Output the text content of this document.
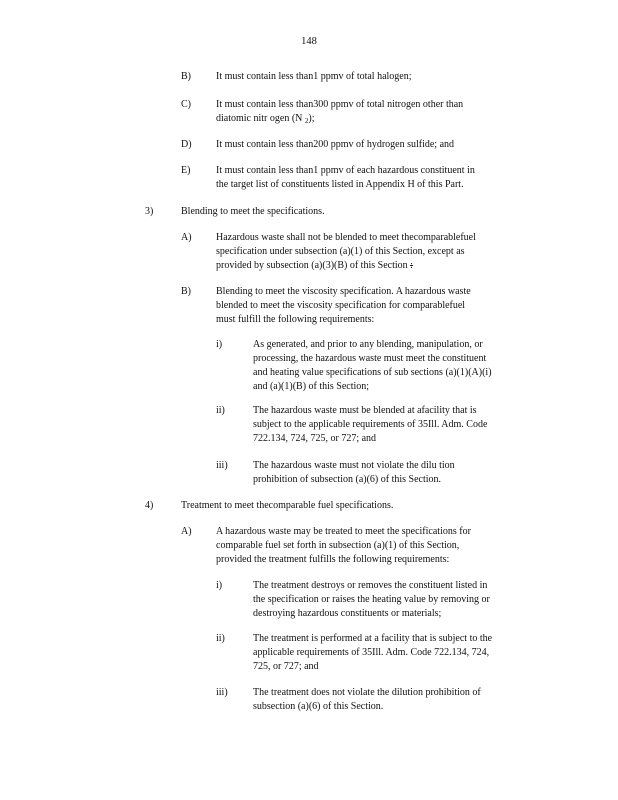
148
B)	It must contain less than1 ppmv of total halogen;
C)	It must contain less than300 ppmv of total nitrogen other than
diatomic nitr ogen (N $_2$);
D) It must contain less than200 ppmv of hydrogen sulfide; and
E)	It must contain less than1 ppmv of each hazardous constituent in
the target list of constituents listed in Appendix H of this Part.
3)	Blending to meet the specifications.
A) Hazardous waste shall not be blended to meet thecomparablefuel
specification under subsection (a)(1) of this Section, except as
provided by subsection (a)(3)(B) of this Section :
B)	Blending to meet the viscosity specification. A hazardous waste
blended to meet the viscosity specification for comparablefuel
must fulfill the following requirements:
i)	As generated, and prior to any blending, manipulation, or
processing, the hazardous waste must meet the constituent
and heating value specifications of sub sections (a)(1)(A)(i)
and (a)(1)(B) of this Section;
ii)	The hazardous waste must be blended at afacility that is
subject to the applicable requirements of 35Ill. Adm. Code
722.134, 724, 725, or 727; and
iii)	The hazardous waste must not violate the dilu tion
prohibition of subsection (a)(6) of this Section.
4)	Treatment to meet thecomparable fuel specifications.
A) A hazardous waste may be treated to meet the specifications for
comparable fuel set forth in subsection (a)(1) of this Section,
provided the treatment fulfills the following requirements:
i)	The treatment destroys or removes the constituent listed in
the specification or raises the heating value by removing or
destroying hazardous constituents or materials;
ii)	The treatment is performed at a facility that is subject to the
applicable requirements of 35Ill. Adm. Code 722.134, 724,
725, or 727; and
iii)	The treatment does not violate the dilution prohibition of
subsection (a)(6) of this Section.
